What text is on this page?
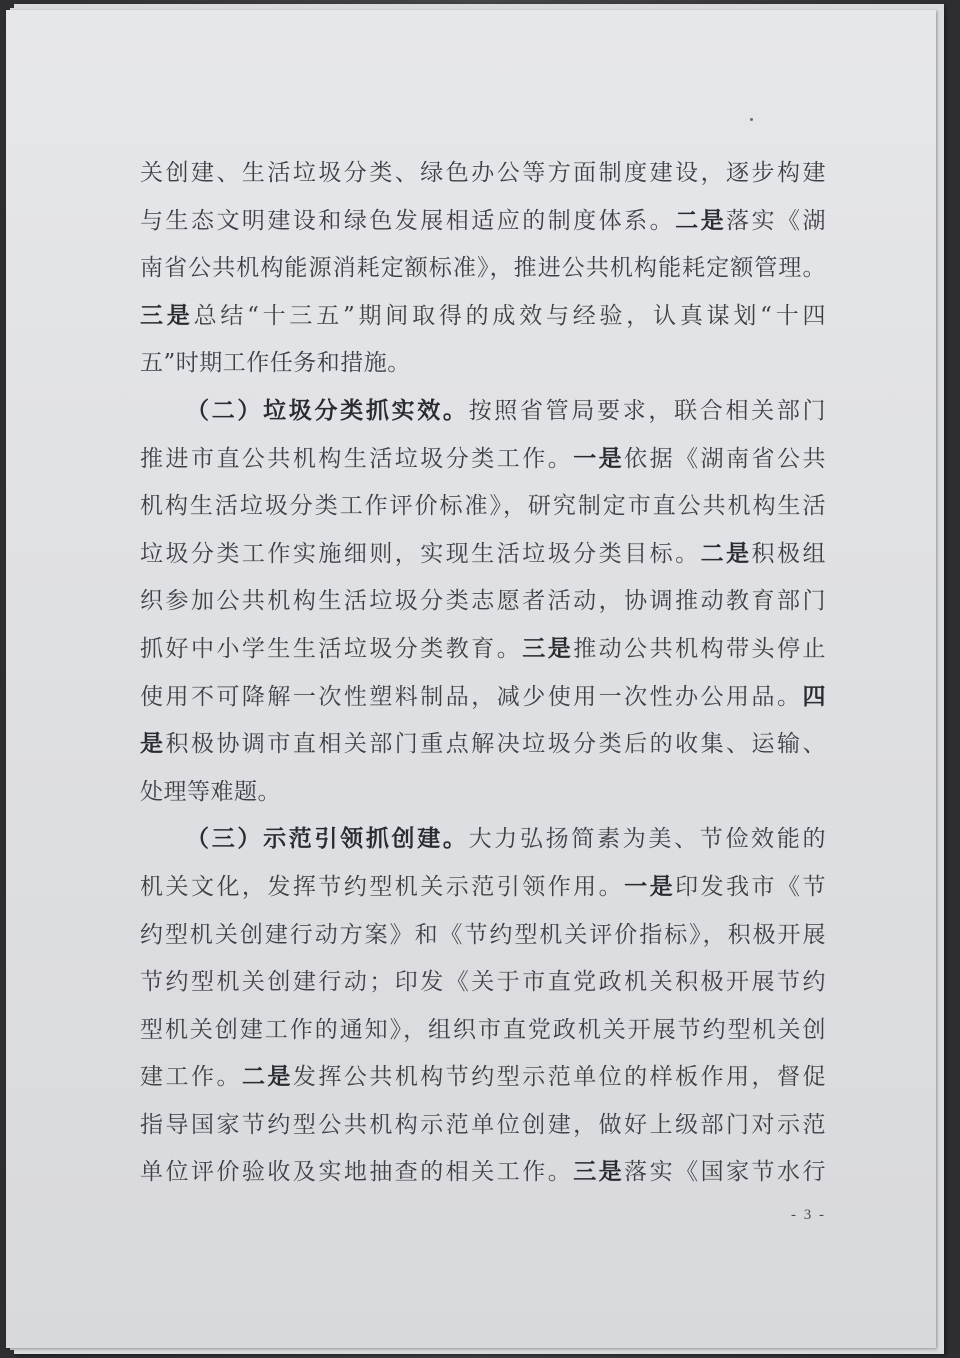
关创建、生活垃圾分类、绿色办公等方面制度建设，逐步构建
与生态文明建设和绿色发展相适应的制度体系。二是落实《湖
南省公共机构能源消耗定额标准》，推进公共机构能耗定额管理。
三是总结“十三五”期间取得的成效与经验，认真谋划“十四
五”时期工作任务和措施。
（二）垃圾分类抓实效。按照省管局要求，联合相关部门
推进市直公共机构生活垃圾分类工作。一是依据《湖南省公共
机构生活垃圾分类工作评价标准》，研究制定市直公共机构生活
垃圾分类工作实施细则，实现生活垃圾分类目标。二是积极组
织参加公共机构生活垃圾分类志愿者活动，协调推动教育部门
抓好中小学生生活垃圾分类教育。三是推动公共机构带头停止
使用不可降解一次性塑料制品，减少使用一次性办公用品。四
是积极协调市直相关部门重点解决垃圾分类后的收集、运输、
处理等难题。
（三）示范引领抓创建。大力弘扬简素为美、节俭效能的
机关文化，发挥节约型机关示范引领作用。一是印发我市《节
约型机关创建行动方案》和《节约型机关评价指标》，积极开展
节约型机关创建行动；印发《关于市直党政机关积极开展节约
型机关创建工作的通知》，组织市直党政机关开展节约型机关创
建工作。二是发挥公共机构节约型示范单位的样板作用，督促
指导国家节约型公共机构示范单位创建，做好上级部门对示范
单位评价验收及实地抽查的相关工作。三是落实《国家节水行
- 3 -
